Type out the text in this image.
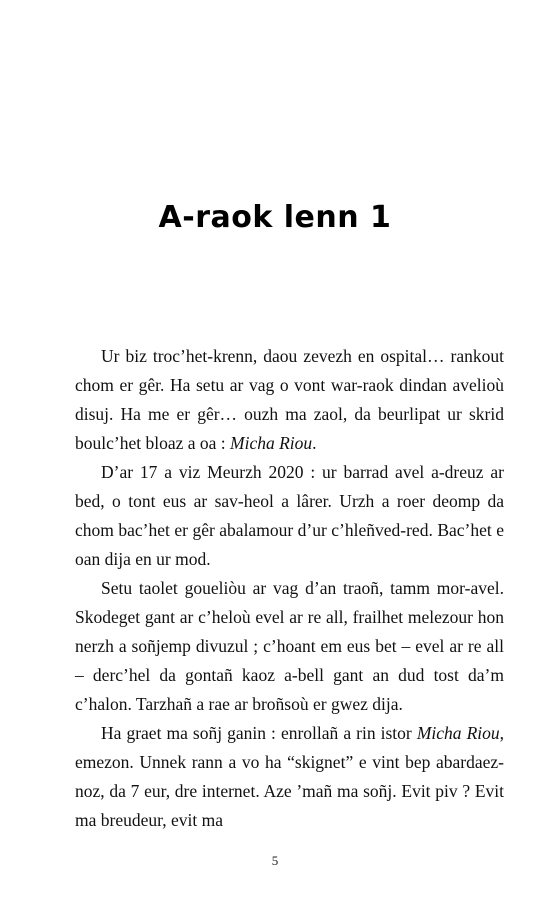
A-raok lenn 1

Ur biz troc’het-krenn, daou zevezh en ospital… rankout chom er gêr. Ha setu ar vag o vont war-raok dindan avelioù disuj. Ha me er gêr… ouzh ma zaol, da beurlipat ur skrid boulc’het bloaz a oa : Micha Riou.

D’ar 17 a viz Meurzh 2020 : ur barrad avel a-dreuz ar bed, o tont eus ar sav-heol a lârer. Urzh a roer deomp da chom bac’het er gêr abalamour d’ur c’hleñved-red. Bac’het e oan dija en ur mod.

Setu taolet goueliòu ar vag d’an traoñ, tamm mor-avel. Skodeget gant ar c’heloù evel ar re all, frailhet melezour hon nerzh a soñjemp divuzul ; c’hoant em eus bet – evel ar re all – derc’hel da gontañ kaoz a-bell gant an dud tost da’m c’halon. Tarzhañ a rae ar broñsoù er gwez dija.

Ha graet ma soñj ganin : enrollañ a rin istor Micha Riou, emezon. Unnek rann a vo ha “skignet” e vint bep abardaez-noz, da 7 eur, dre internet. Aze ’mañ ma soñj. Evit piv ? Evit ma breudeur, evit ma

5
